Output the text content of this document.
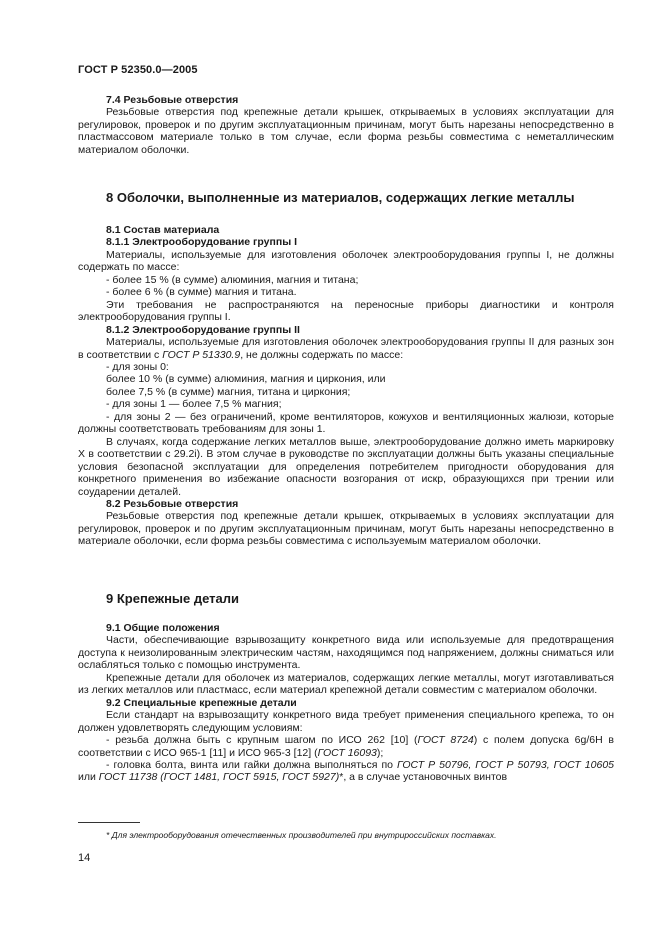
ГОСТ Р 52350.0—2005

7.4 Резьбовые отверстия

Резьбовые отверстия под крепежные детали крышек, открываемых в условиях эксплуатации для регулировок, проверок и по другим эксплуатационным причинам, могут быть нарезаны непосредственно в пластмассовом материале только в том случае, если форма резьбы совместима с неметаллическим материалом оболочки.

8 Оболочки, выполненные из материалов, содержащих легкие металлы

8.1 Состав материала

8.1.1 Электрооборудование группы I

Материалы, используемые для изготовления оболочек электрооборудования группы I, не должны содержать по массе:

- более 15 % (в сумме) алюминия, магния и титана;

- более 6 % (в сумме) магния и титана.

Эти требования не распространяются на переносные приборы диагностики и контроля электрооборудования группы I.

8.1.2 Электрооборудование группы II

Материалы, используемые для изготовления оболочек электрооборудования группы II для разных зон в соответствии с ГОСТ Р 51330.9, не должны содержать по массе:

- для зоны 0:

более 10 % (в сумме) алюминия, магния и циркония, или

более 7,5 % (в сумме) магния, титана и циркония;

- для зоны 1 — более 7,5 % магния;

- для зоны 2 — без ограничений, кроме вентиляторов, кожухов и вентиляционных жалюзи, которые должны соответствовать требованиям для зоны 1.

В случаях, когда содержание легких металлов выше, электрооборудование должно иметь маркировку X в соответствии с 29.2i). В этом случае в руководстве по эксплуатации должны быть указаны специальные условия безопасной эксплуатации для определения потребителем пригодности оборудования для конкретного применения во избежание опасности возгорания от искр, образующихся при трении или соударении деталей.

8.2 Резьбовые отверстия

Резьбовые отверстия под крепежные детали крышек, открываемых в условиях эксплуатации для регулировок, проверок и по другим эксплуатационным причинам, могут быть нарезаны непосредственно в материале оболочки, если форма резьбы совместима с используемым материалом оболочки.

9 Крепежные детали

9.1 Общие положения

Части, обеспечивающие взрывозащиту конкретного вида или используемые для предотвращения доступа к неизолированным электрическим частям, находящимся под напряжением, должны сниматься или ослабляться только с помощью инструмента.

Крепежные детали для оболочек из материалов, содержащих легкие металлы, могут изготавливаться из легких металлов или пластмасс, если материал крепежной детали совместим с материалом оболочки.

9.2 Специальные крепежные детали

Если стандарт на взрывозащиту конкретного вида требует применения специального крепежа, то он должен удовлетворять следующим условиям:

- резьба должна быть с крупным шагом по ИСО 262 [10] (ГОСТ 8724) с полем допуска 6g/6H в соответствии с ИСО 965-1 [11] и ИСО 965-3 [12] (ГОСТ 16093);

- головка болта, винта или гайки должна выполняться по ГОСТ Р 50796, ГОСТ Р 50793, ГОСТ 10605 или ГОСТ 11738 (ГОСТ 1481, ГОСТ 5915, ГОСТ 5927)*, а в случае установочных винтов

* Для электрооборудования отечественных производителей при внутрироссийских поставках.
14
